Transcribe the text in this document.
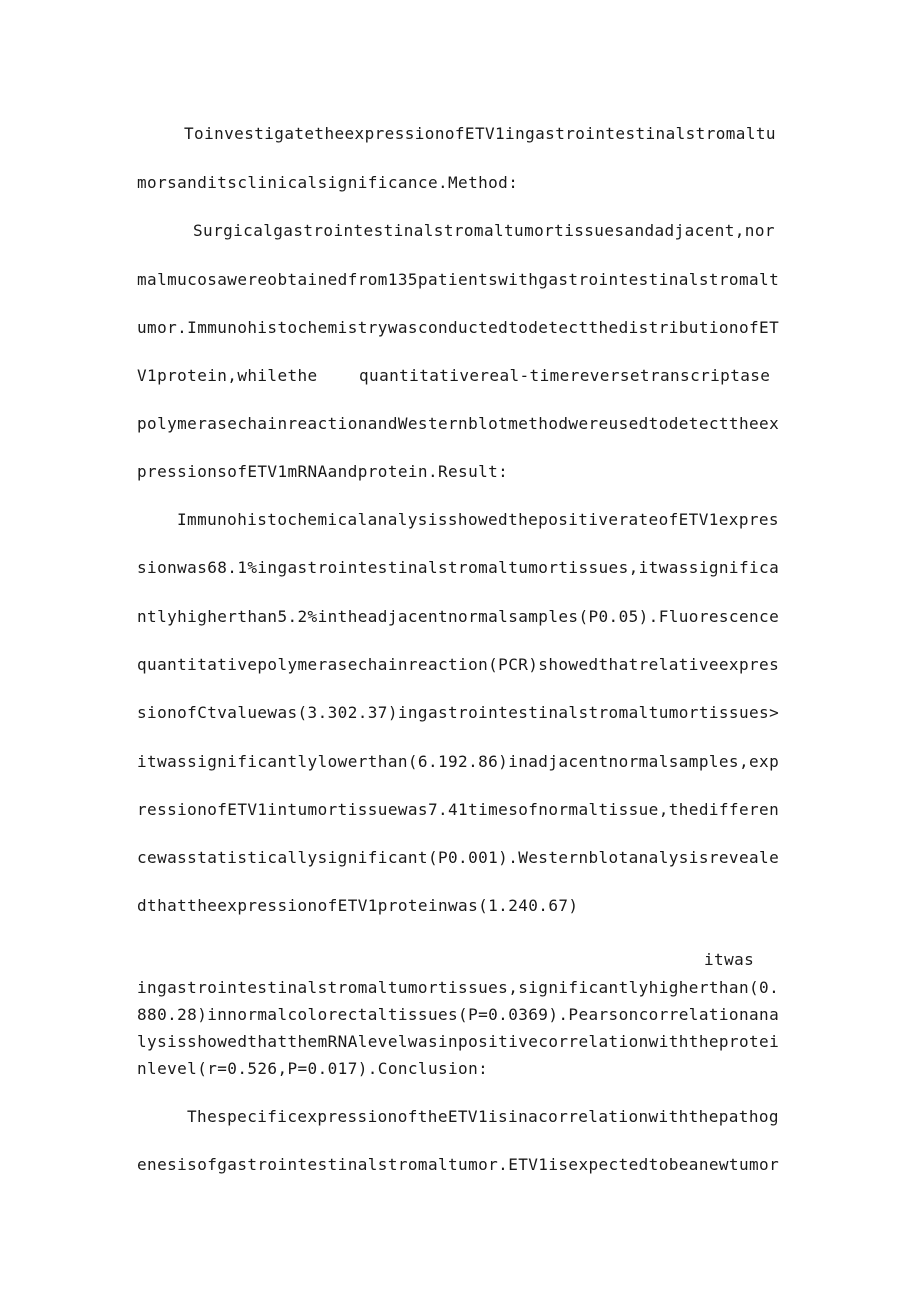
ToinvestigatetheexpressionofETV1ingastrointestinalstromaltu
morsanditsclinicalsignificance.Method:
Surgicalgastrointestinalstromaltumortissuesandadjacent,nor
malmucosawereobtainedfrom135patientswithgastrointestinalstromalt
umor.ImmunohistochemistrywasconductedtodetectthedistributionofET
V1protein,whilethe	quantitativereal-timereversetranscriptase
polymerasechainreactionandWesternblotmethodwereusedtodetecttheex
pressionsofETV1mRNAandprotein.Result:
ImmunohistochemicalanalysisshowedthepositiverateofETV1expres
sionwas68.1%ingastrointestinalstromaltumortissues,itwassignifica
ntlyhigherthan5.2%intheadjacentnormalsamples(P0.05).Fluorescence
quantitativepolymerasechainreaction(PCR)showedthatrelativeexpres
sionofCtvaluewas(3.302.37)ingastrointestinalstromaltumortissues>
itwassignificantlylowerthan(6.192.86)inadjacentnormalsamples,exp
ressionofETV1intumortissuewas7.41timesofnormaltissue,thedifferen
cewasstatisticallysignificant(P0.001).Westernblotanalysisreveale
dthattheexpressionofETV1proteinwas(1.240.67)
itwas
ingastrointestinalstromaltumortissues,significantlyhigherthan(0.
880.28)innormalcolorectaltissues(P=0.0369).Pearsoncorrelationana
lysisshowedthatthemRNAlevelwasinpositivecorrelationwiththeprotei
nlevel(r=0.526,P=0.017).Conclusion:
ThespecificexpressionoftheETV1isinacorrelationwiththepathog
enesisofgastrointestinalstromaltumor.ETV1isexpectedtobeanewtumor
